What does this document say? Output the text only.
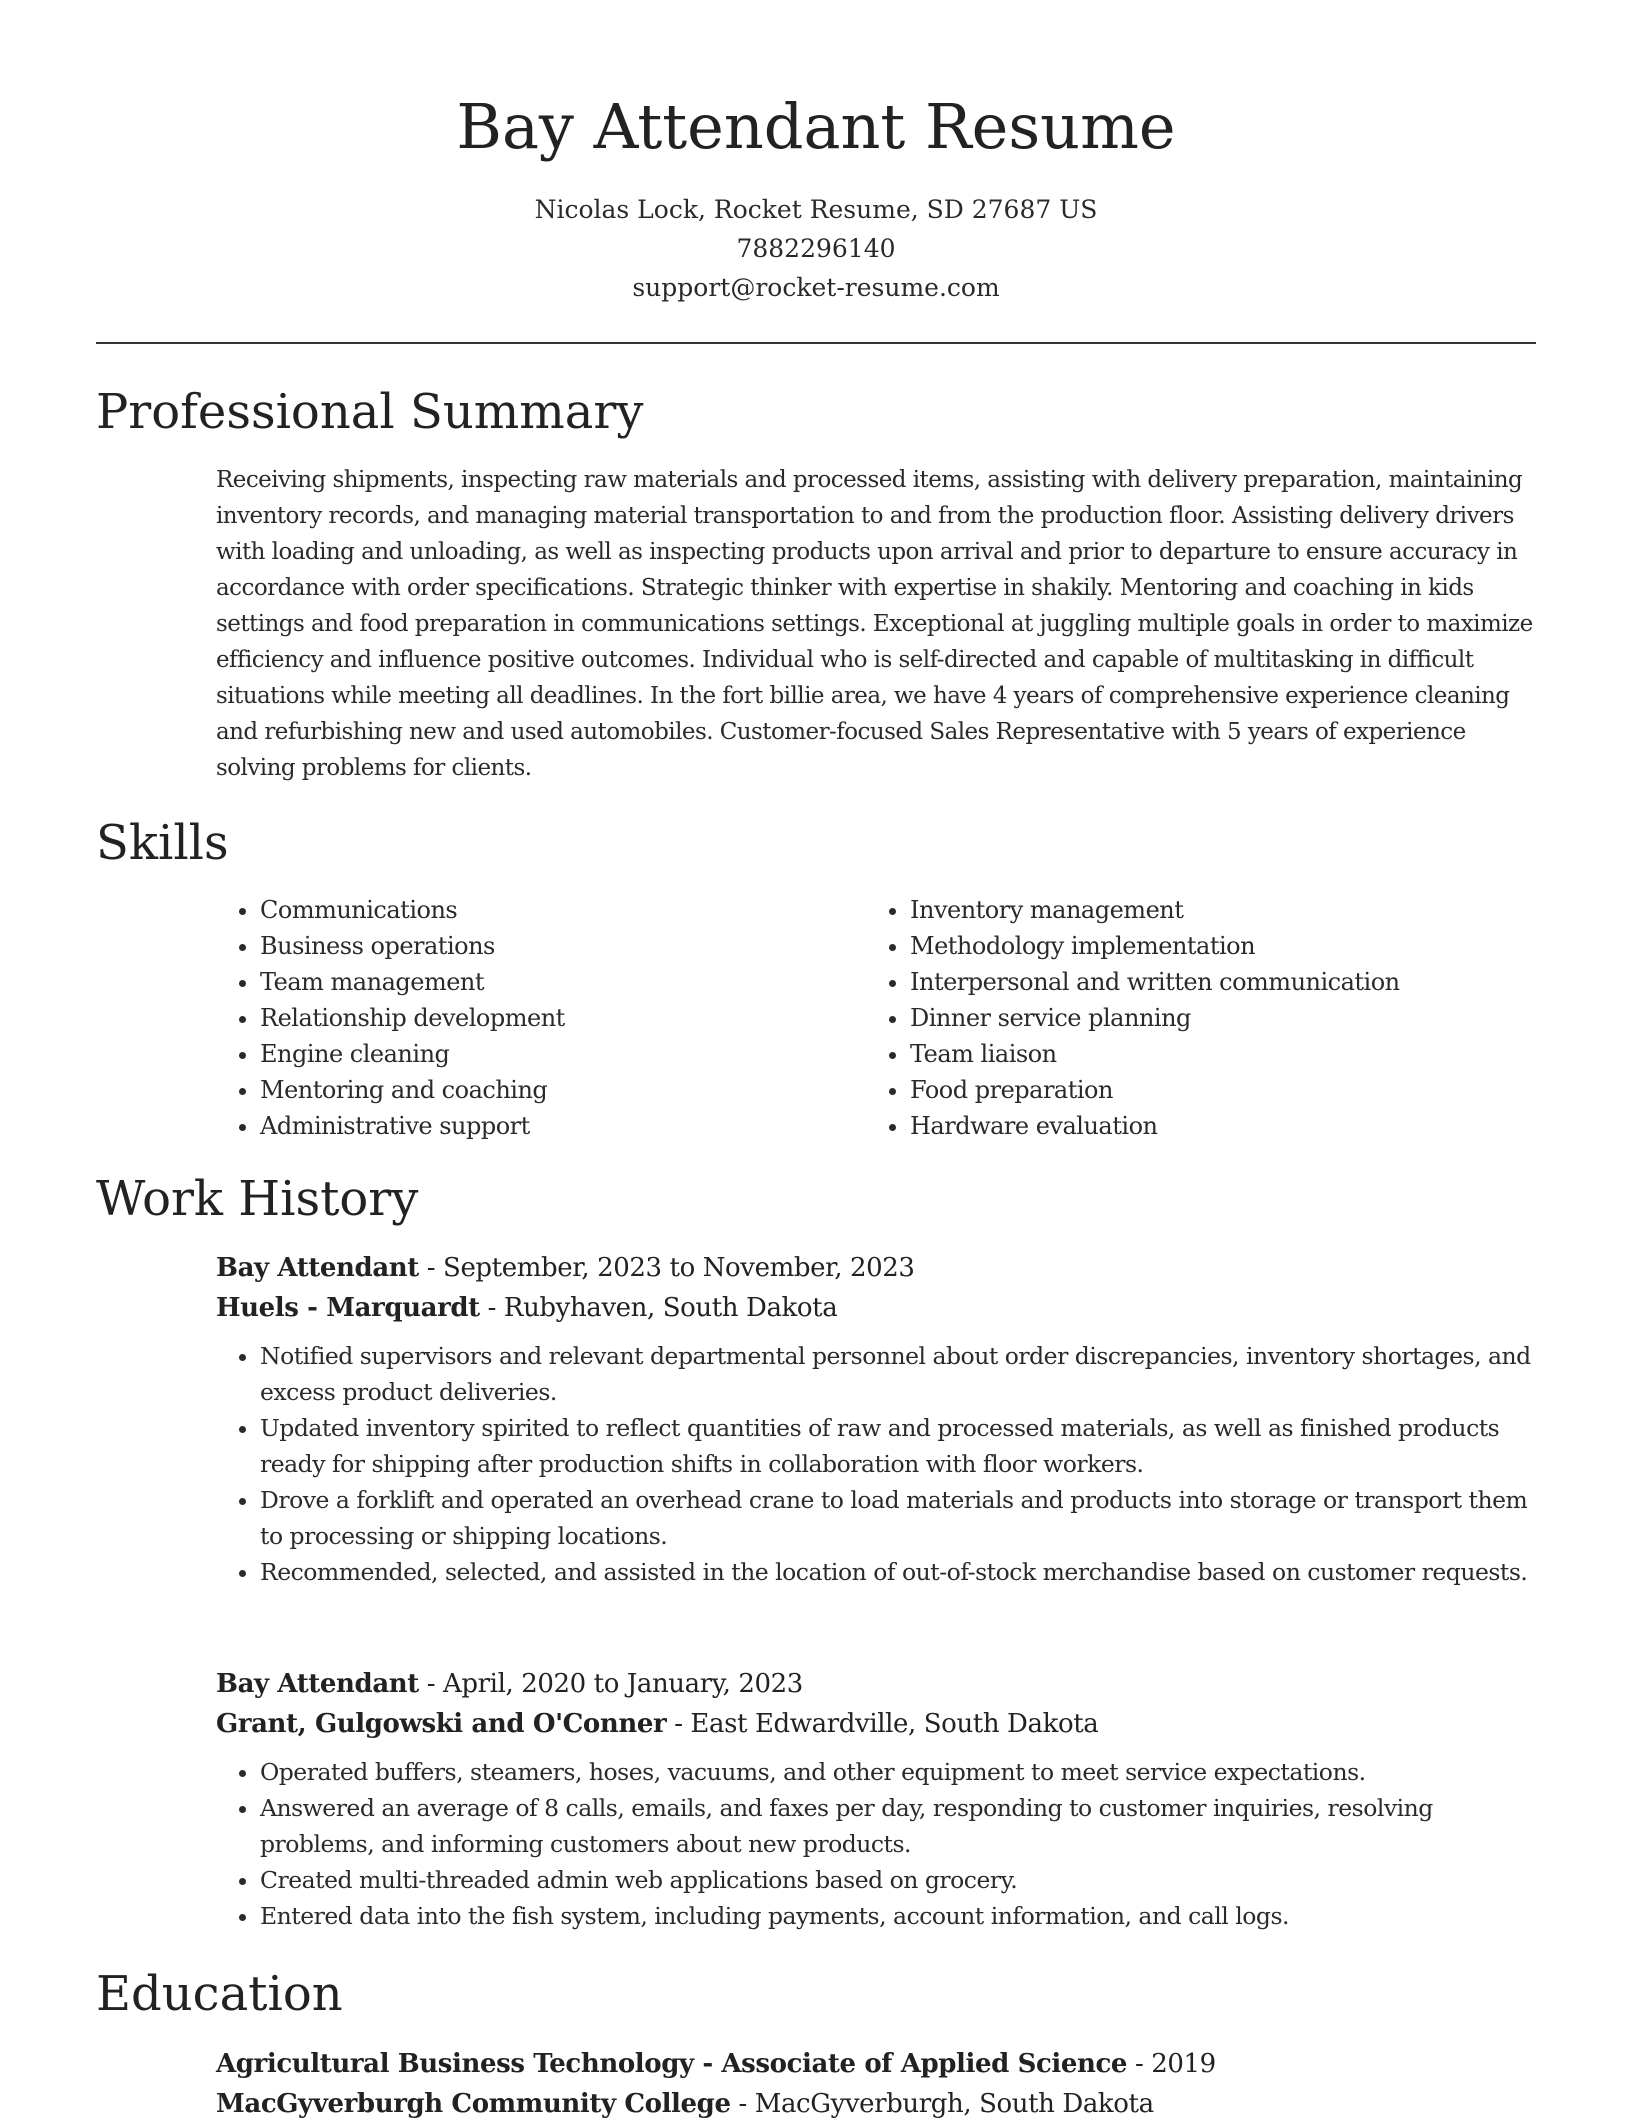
Bay Attendant Resume
Nicolas Lock, Rocket Resume, SD 27687 US
7882296140
support@rocket-resume.com
Professional Summary

Receiving shipments, inspecting raw materials and processed items, assisting with delivery preparation, maintaining inventory records, and managing material transportation to and from the production floor. Assisting delivery drivers with loading and unloading, as well as inspecting products upon arrival and prior to departure to ensure accuracy in accordance with order specifications. Strategic thinker with expertise in shakily. Mentoring and coaching in kids settings and food preparation in communications settings. Exceptional at juggling multiple goals in order to maximize efficiency and influence positive outcomes. Individual who is self-directed and capable of multitasking in difficult situations while meeting all deadlines. In the fort billie area, we have 4 years of comprehensive experience cleaning and refurbishing new and used automobiles. Customer-focused Sales Representative with 5 years of experience solving problems for clients.

Skills
• Communications
• Business operations
• Team management
• Relationship development
• Engine cleaning
• Mentoring and coaching
• Administrative support
• Inventory management
• Methodology implementation
• Interpersonal and written communication
• Dinner service planning
• Team liaison
• Food preparation
• Hardware evaluation
Work History
Bay Attendant - September, 2023 to November, 2023
Huels - Marquardt - Rubyhaven, South Dakota
• Notified supervisors and relevant departmental personnel about order discrepancies, inventory shortages, and excess product deliveries.
• Updated inventory spirited to reflect quantities of raw and processed materials, as well as finished products ready for shipping after production shifts in collaboration with floor workers.
• Drove a forklift and operated an overhead crane to load materials and products into storage or transport them to processing or shipping locations.
• Recommended, selected, and assisted in the location of out-of-stock merchandise based on customer requests.
Bay Attendant - April, 2020 to January, 2023
Grant, Gulgowski and O'Conner - East Edwardville, South Dakota
• Operated buffers, steamers, hoses, vacuums, and other equipment to meet service expectations.
• Answered an average of 8 calls, emails, and faxes per day, responding to customer inquiries, resolving problems, and informing customers about new products.
• Created multi-threaded admin web applications based on grocery.
• Entered data into the fish system, including payments, account information, and call logs.
Education
Agricultural Business Technology - Associate of Applied Science - 2019
MacGyverburgh Community College - MacGyverburgh, South Dakota
